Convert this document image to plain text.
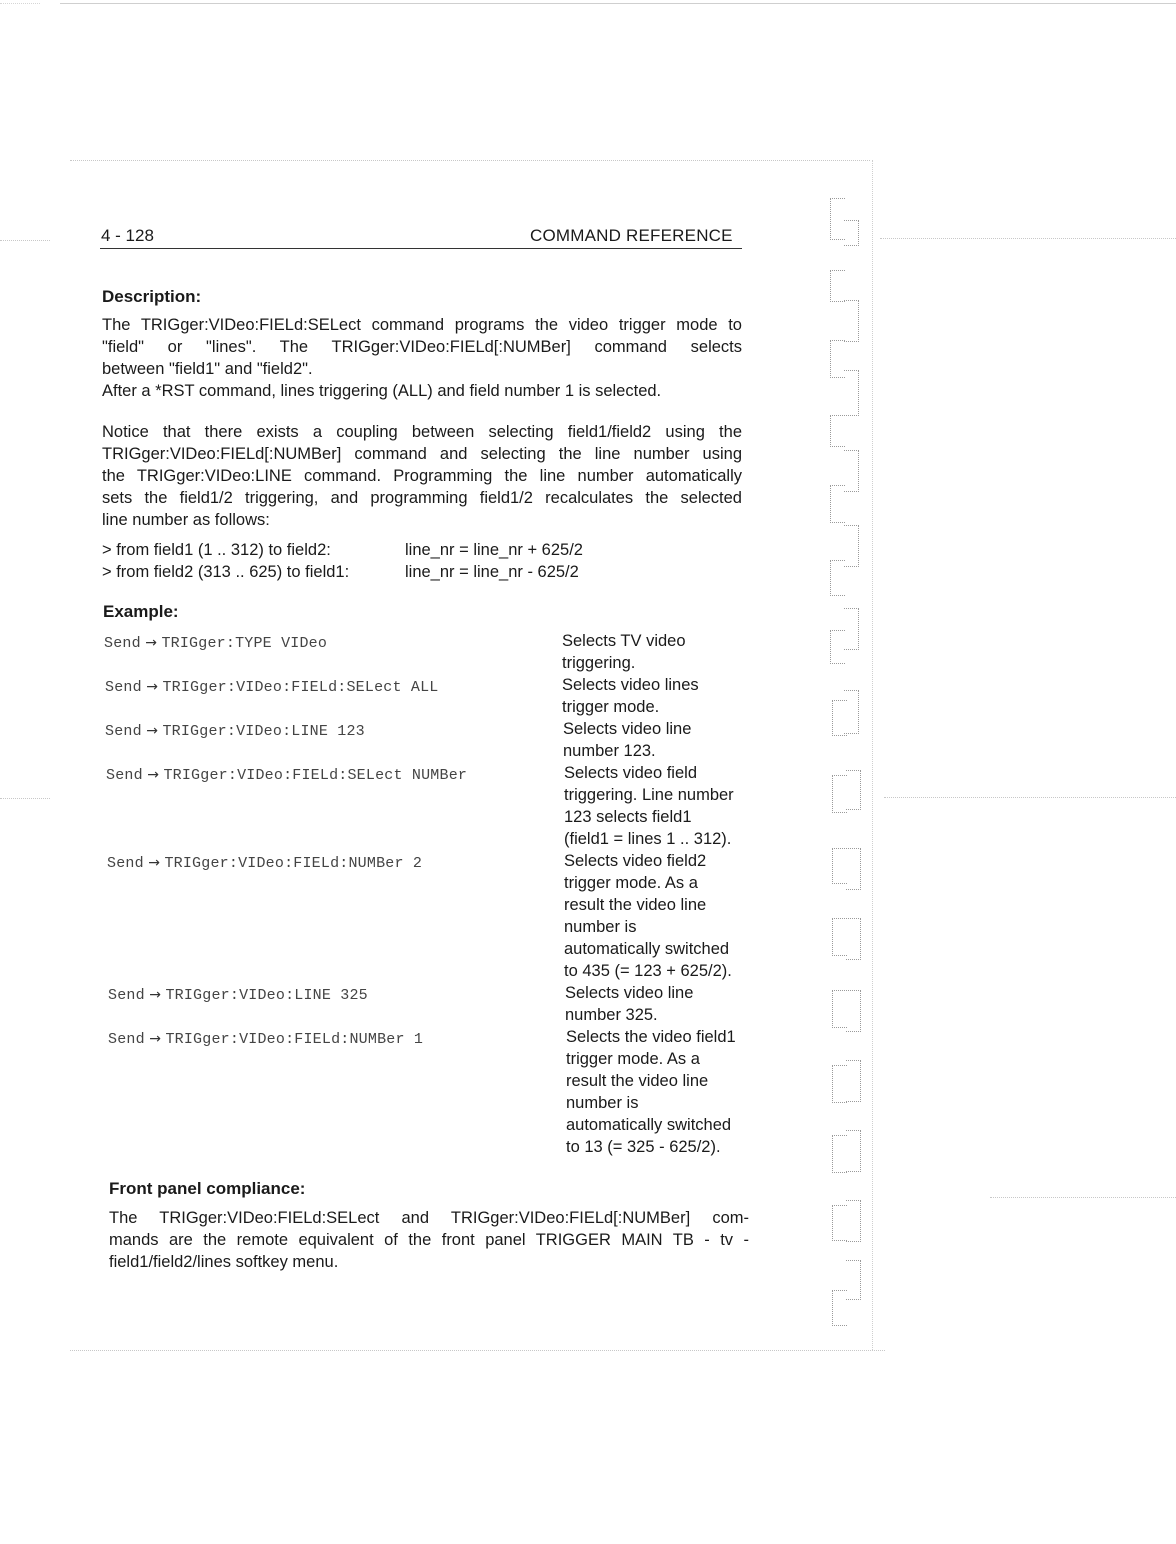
4 - 128	COMMAND REFERENCE
Description:
The TRIGger:VIDeo:FIELd:SELect command programs the video trigger mode to
"field" or "lines". The TRIGger:VIDeo:FIELd[:NUMBer] command selects
between "field1" and "field2".
After a *RST command, lines triggering (ALL) and field number 1 is selected.
Notice that there exists a coupling between selecting field1/field2 using the
TRIGger:VIDeo:FIELd[:NUMBer] command and selecting the line number using
the TRIGger:VIDeo:LINE command. Programming the line number automatically
sets the field1/2 triggering, and programming field1/2 recalculates the selected
line number as follows:
> from field1 (1 .. 312) to field2:	line_nr = line_nr + 625/2
> from field2 (313 .. 625) to field1:	line_nr = line_nr - 625/2
Example:
Send → TRIGger:TYPE VIDeo	Selects TV video
triggering.
Send → TRIGger:VIDeo:FIELd:SELect ALL	Selects video lines
trigger mode.
Send → TRIGger:VIDeo:LINE 123	Selects video line
number 123.
Send → TRIGger:VIDeo:FIELd:SELect NUMBer	Selects video field
triggering. Line number
123 selects field1
(field1 = lines 1 .. 312).
Send → TRIGger:VIDeo:FIELd:NUMBer 2	Selects video field2
trigger mode. As a
result the video line
number is
automatically switched
to 435 (= 123 + 625/2).
Send → TRIGger:VIDeo:LINE 325	Selects video line
number 325.
Send → TRIGger:VIDeo:FIELd:NUMBer 1	Selects the video field1
trigger mode. As a
result the video line
number is
automatically switched
to 13 (= 325 - 625/2).
Front panel compliance:
The TRIGger:VIDeo:FIELd:SELect and TRIGger:VIDeo:FIELd[:NUMBer] com-
mands are the remote equivalent of the front panel TRIGGER MAIN TB - tv -
field1/field2/lines softkey menu.
